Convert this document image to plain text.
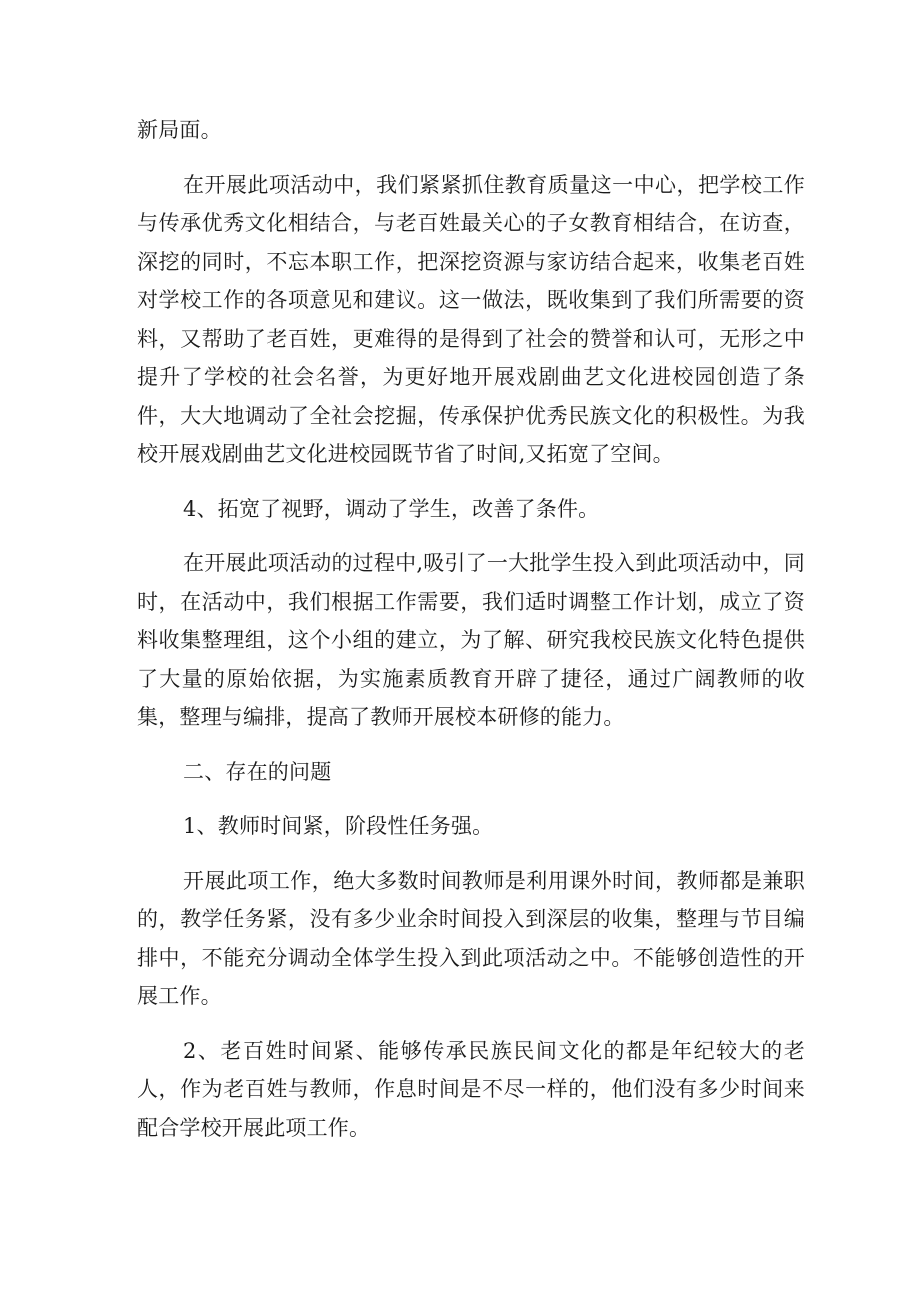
新局面。

在开展此项活动中，我们紧紧抓住教育质量这一中心，把学校工作与传承优秀文化相结合，与老百姓最关心的子女教育相结合，在访查，深挖的同时，不忘本职工作，把深挖资源与家访结合起来，收集老百姓对学校工作的各项意见和建议。这一做法，既收集到了我们所需要的资料，又帮助了老百姓，更难得的是得到了社会的赞誉和认可，无形之中提升了学校的社会名誉，为更好地开展戏剧曲艺文化进校园创造了条件，大大地调动了全社会挖掘，传承保护优秀民族文化的积极性。为我校开展戏剧曲艺文化进校园既节省了时间,又拓宽了空间。

4、拓宽了视野，调动了学生，改善了条件。

在开展此项活动的过程中,吸引了一大批学生投入到此项活动中，同时，在活动中，我们根据工作需要，我们适时调整工作计划，成立了资料收集整理组，这个小组的建立，为了解、研究我校民族文化特色提供了大量的原始依据，为实施素质教育开辟了捷径，通过广阔教师的收集，整理与编排，提高了教师开展校本研修的能力。

二、存在的问题

1、教师时间紧，阶段性任务强。

开展此项工作，绝大多数时间教师是利用课外时间，教师都是兼职的，教学任务紧，没有多少业余时间投入到深层的收集，整理与节目编排中，不能充分调动全体学生投入到此项活动之中。不能够创造性的开展工作。

2、老百姓时间紧、能够传承民族民间文化的都是年纪较大的老人，作为老百姓与教师，作息时间是不尽一样的，他们没有多少时间来配合学校开展此项工作。
